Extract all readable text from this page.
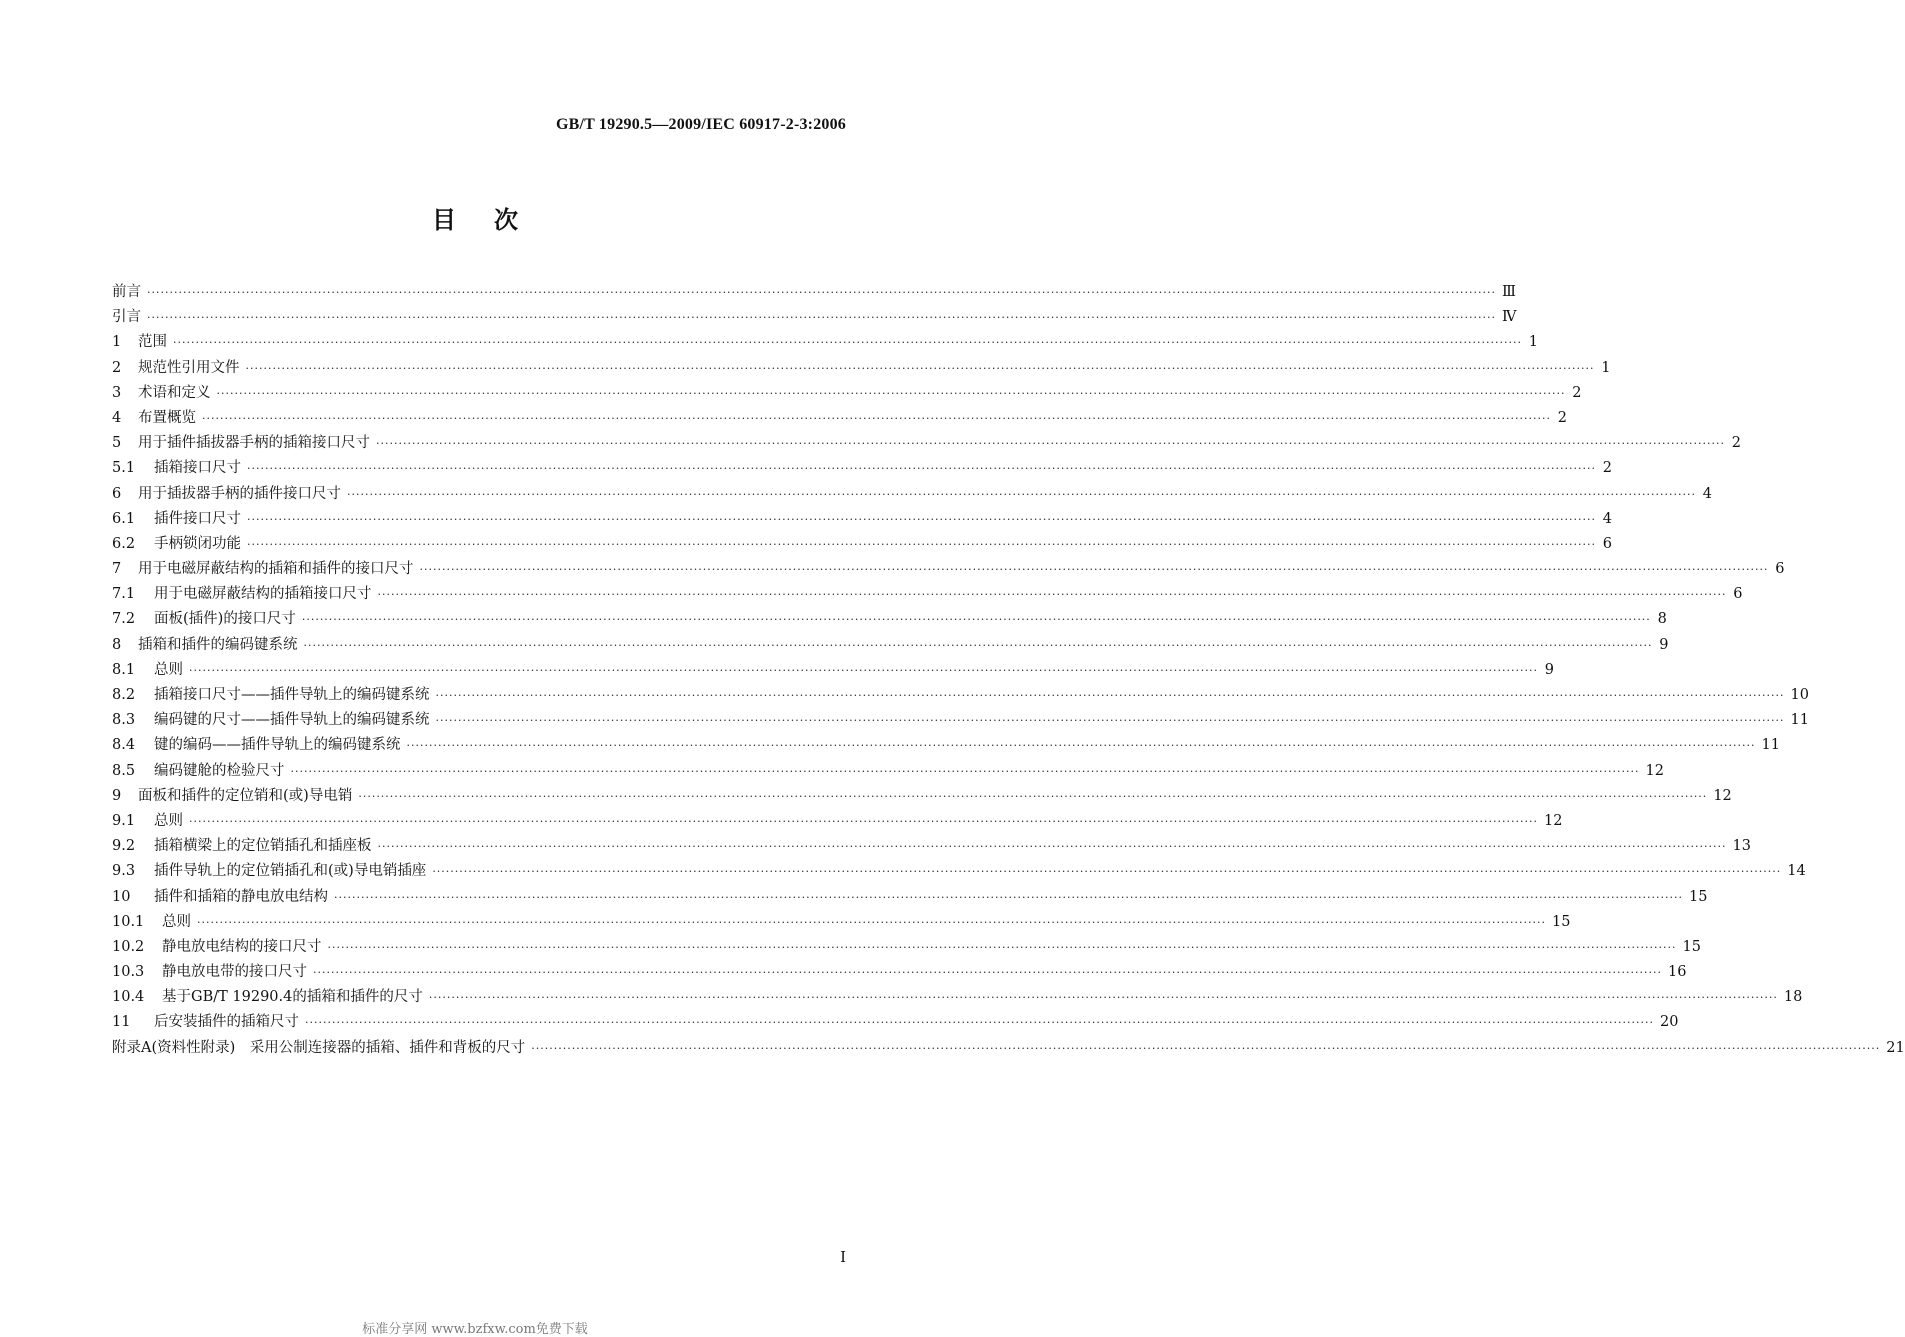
GB/T 19290.5—2009/IEC 60917-2-3:2006
目次
前言 ············································································································································································································································································································ Ⅲ
引言 ············································································································································································································································································································ Ⅳ
1	范围 ············································································································································································································································································································ 1
2	规范性引用文件 ············································································································································································································································································································ 1
3	术语和定义 ············································································································································································································································································································ 2
4	布置概览 ············································································································································································································································································································ 2
5	用于插件插拔器手柄的插箱接口尺寸 ············································································································································································································································································································ 2
5.1	插箱接口尺寸 ············································································································································································································································································································ 2
6	用于插拔器手柄的插件接口尺寸 ············································································································································································································································································································ 4
6.1	插件接口尺寸 ············································································································································································································································································································ 4
6.2	手柄锁闭功能 ············································································································································································································································································································ 6
7	用于电磁屏蔽结构的插箱和插件的接口尺寸 ············································································································································································································································································································ 6
7.1	用于电磁屏蔽结构的插箱接口尺寸 ············································································································································································································································································································ 6
7.2	面板(插件)的接口尺寸 ············································································································································································································································································································ 8
8	插箱和插件的编码键系统 ············································································································································································································································································································ 9
8.1	总则 ············································································································································································································································································································ 9
8.2	插箱接口尺寸——插件导轨上的编码键系统 ············································································································································································································································································································ 10
8.3	编码键的尺寸——插件导轨上的编码键系统 ············································································································································································································································································································ 11
8.4	键的编码——插件导轨上的编码键系统 ············································································································································································································································································································ 11
8.5	编码键舱的检验尺寸 ············································································································································································································································································································ 12
9	面板和插件的定位销和(或)导电销 ············································································································································································································································································································ 12
9.1	总则 ············································································································································································································································································································ 12
9.2	插箱横梁上的定位销插孔和插座板 ············································································································································································································································································································ 13
9.3	插件导轨上的定位销插孔和(或)导电销插座 ············································································································································································································································································································ 14
10	插件和插箱的静电放电结构 ············································································································································································································································································································ 15
10.1	总则 ············································································································································································································································································································ 15
10.2	静电放电结构的接口尺寸 ············································································································································································································································································································ 15
10.3	静电放电带的接口尺寸 ············································································································································································································································································································ 16
10.4	基于GB/T 19290.4的插箱和插件的尺寸 ············································································································································································································································································································ 18
11	后安装插件的插箱尺寸 ············································································································································································································································································································ 20
附录A(资料性附录)　采用公制连接器的插箱、插件和背板的尺寸 ············································································································································································································································································································ 21
I
标准分享网 www.bzfxw.com免费下载
